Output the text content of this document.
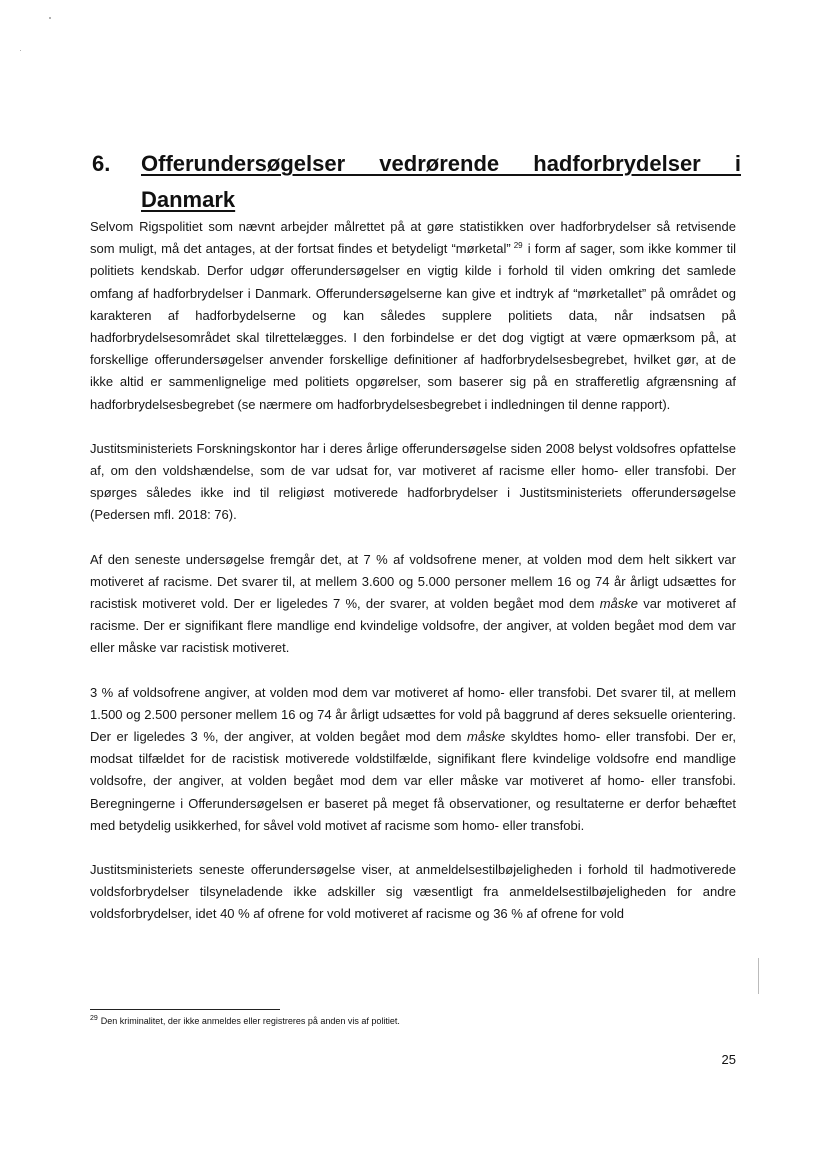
6. Offerundersøgelser vedrørende hadforbrydelser i Danmark

Selvom Rigspolitiet som nævnt arbejder målrettet på at gøre statistikken over hadforbrydelser så retvisende som muligt, må det antages, at der fortsat findes et betydeligt “mørketal” $^{29}$ i form af sager, som ikke kommer til politiets kendskab. Derfor udgør offerundersøgelser en vigtig kilde i forhold til viden omkring det samlede omfang af hadforbrydelser i Danmark. Offerundersøgelserne kan give et indtryk af “mørketallet” på området og karakteren af hadforbydelserne og kan således supplere politiets data, når indsatsen på hadforbrydelsesområdet skal tilrettelægges. I den forbindelse er det dog vigtigt at være opmærksom på, at forskellige offerundersøgelser anvender forskellige definitioner af hadforbrydelsesbegrebet, hvilket gør, at de ikke altid er sammenlignelige med politiets opgørelser, som baserer sig på en strafferetlig afgrænsning af hadforbrydelsesbegrebet (se nærmere om hadforbrydelsesbegrebet i indledningen til denne rapport).

Justitsministeriets Forskningskontor har i deres årlige offerundersøgelse siden 2008 belyst voldsofres opfattelse af, om den voldshændelse, som de var udsat for, var motiveret af racisme eller homo- eller transfobi. Der spørges således ikke ind til religiøst motiverede hadforbrydelser i Justitsministeriets offerundersøgelse (Pedersen mfl. 2018: 76).

Af den seneste undersøgelse fremgår det, at 7 % af voldsofrene mener, at volden mod dem helt sikkert var motiveret af racisme. Det svarer til, at mellem 3.600 og 5.000 personer mellem 16 og 74 år årligt udsættes for racistisk motiveret vold. Der er ligeledes 7 %, der svarer, at volden begået mod dem måske var motiveret af racisme. Der er signifikant flere mandlige end kvindelige voldsofre, der angiver, at volden begået mod dem var eller måske var racistisk motiveret.

3 % af voldsofrene angiver, at volden mod dem var motiveret af homo- eller transfobi. Det svarer til, at mellem 1.500 og 2.500 personer mellem 16 og 74 år årligt udsættes for vold på baggrund af deres seksuelle orientering. Der er ligeledes 3 %, der angiver, at volden begået mod dem måske skyldtes homo- eller transfobi. Der er, modsat tilfældet for de racistisk motiverede voldstilfælde, signifikant flere kvindelige voldsofre end mandlige voldsofre, der angiver, at volden begået mod dem var eller måske var motiveret af homo- eller transfobi. Beregningerne i Offerundersøgelsen er baseret på meget få observationer, og resultaterne er derfor behæftet med betydelig usikkerhed, for såvel vold motivet af racisme som homo- eller transfobi.

Justitsministeriets seneste offerundersøgelse viser, at anmeldelsestilbøjeligheden i forhold til hadmotiverede voldsforbrydelser tilsyneladende ikke adskiller sig væsentligt fra anmeldelsestilbøjeligheden for andre voldsforbrydelser, idet 40 % af ofrene for vold motiveret af racisme og 36 % af ofrene for vold

$^{29}$ Den kriminalitet, der ikke anmeldes eller registreres på anden vis af politiet.
25
